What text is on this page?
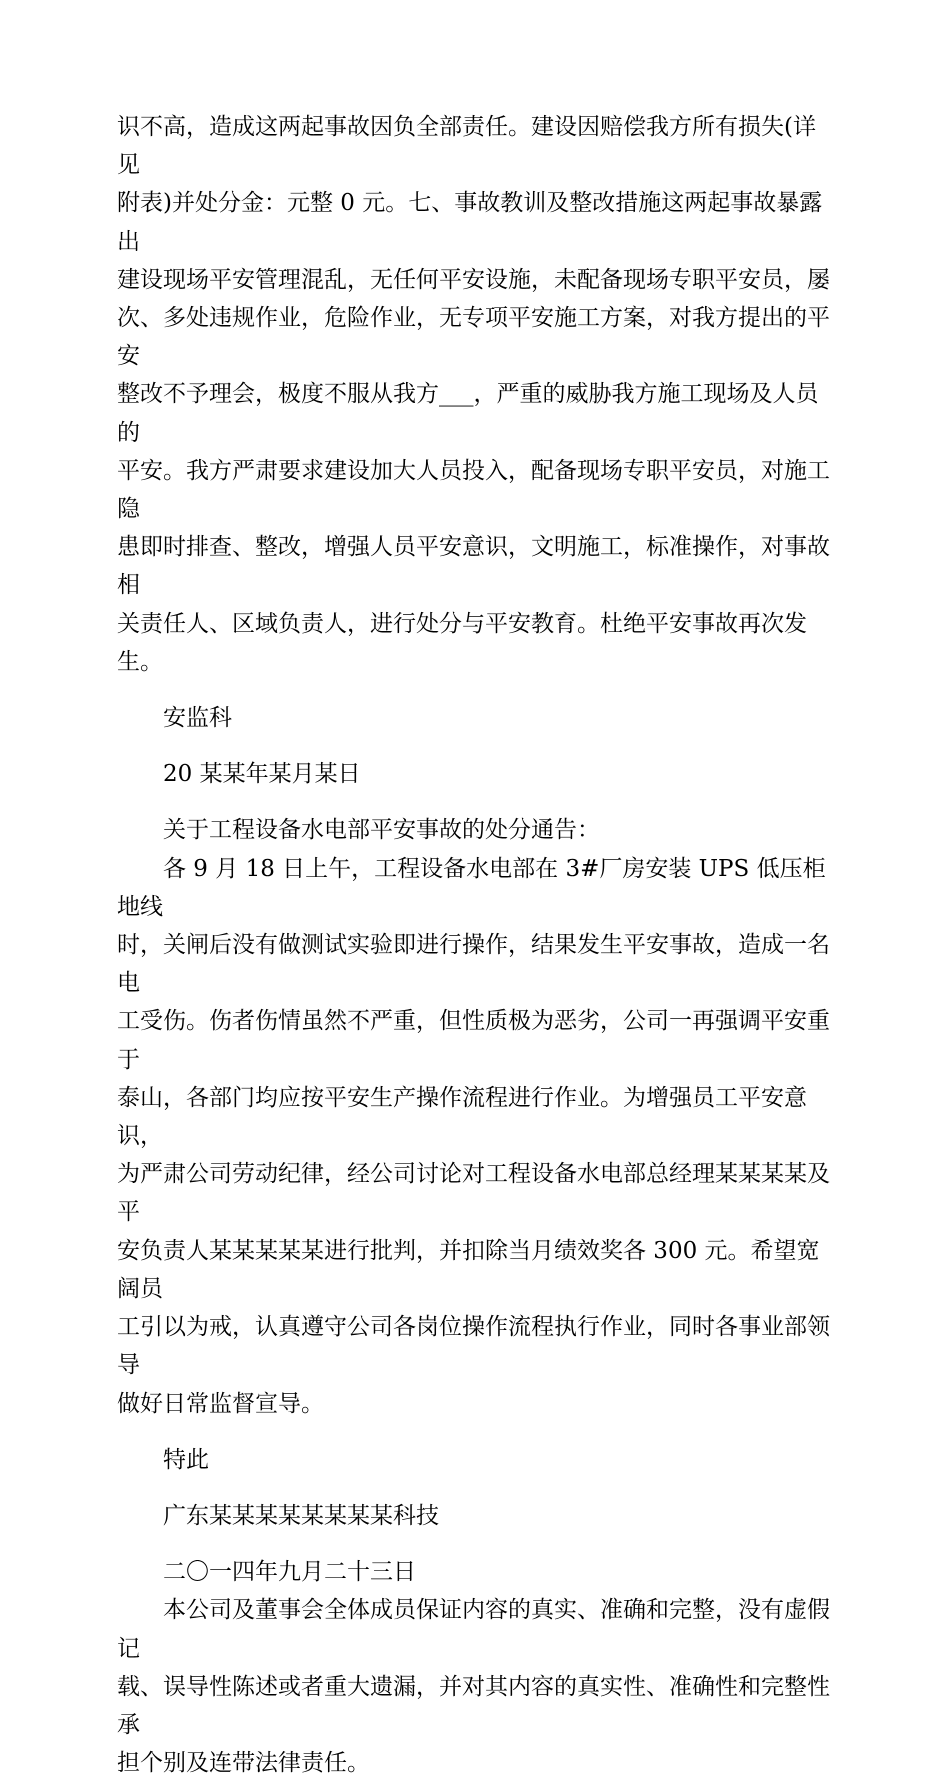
识不高，造成这两起事故因负全部责任。建设因赔偿我方所有损失(详见
附表)并处分金：元整 0 元。七、事故教训及整改措施这两起事故暴露出
建设现场平安管理混乱，无任何平安设施，未配备现场专职平安员，屡
次、多处违规作业，危险作业，无专项平安施工方案，对我方提出的平安
整改不予理会，极度不服从我方___，严重的威胁我方施工现场及人员的
平安。我方严肃要求建设加大人员投入，配备现场专职平安员，对施工隐
患即时排查、整改，增强人员平安意识，文明施工，标准操作，对事故相
关责任人、区域负责人，进行处分与平安教育。杜绝平安事故再次发生。

安监科

20 某某年某月某日

关于工程设备水电部平安事故的处分通告：

各 9 月 18 日上午，工程设备水电部在 3#厂房安装 UPS 低压柜地线
时，关闸后没有做测试实验即进行操作，结果发生平安事故，造成一名电
工受伤。伤者伤情虽然不严重，但性质极为恶劣，公司一再强调平安重于
泰山，各部门均应按平安生产操作流程进行作业。为增强员工平安意识，
为严肃公司劳动纪律，经公司讨论对工程设备水电部总经理某某某某及平
安负责人某某某某某进行批判，并扣除当月绩效奖各 300 元。希望宽阔员
工引以为戒，认真遵守公司各岗位操作流程执行作业，同时各事业部领导
做好日常监督宣导。

特此

广东某某某某某某某某科技

二〇一四年九月二十三日

本公司及董事会全体成员保证内容的真实、准确和完整，没有虚假记
载、误导性陈述或者重大遗漏，并对其内容的真实性、准确性和完整性承
担个别及连带法律责任。
